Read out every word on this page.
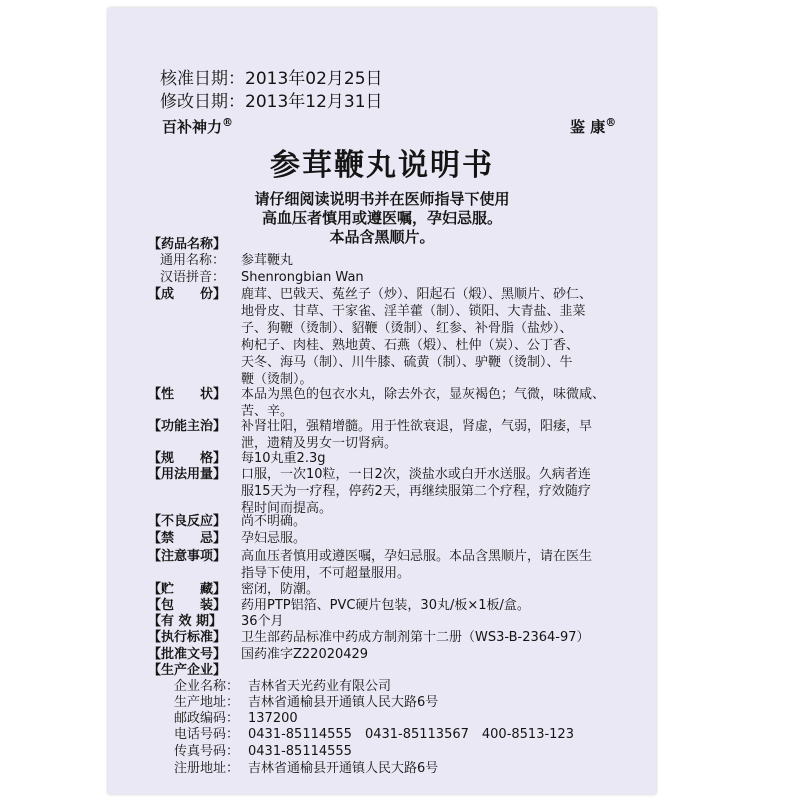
核准日期：2013年02月25日
修改日期：2013年12月31日
百补神力®	鉴 康®
参茸鞭丸说明书
请仔细阅读说明书并在医师指导下使用
高血压者慎用或遵医嘱，孕妇忌服。
本品含黑顺片。
【药品名称】
通用名称： 参茸鞭丸
汉语拼音： Shenrongbian Wan
【成　　份】 鹿茸、巴戟天、菟丝子（炒）、阳起石（煅）、黑顺片、砂仁、
地骨皮、甘草、干家雀、淫羊藿（制）、锁阳、大青盐、韭菜
子、狗鞭（烫制）、貂鞭（烫制）、红参、补骨脂（盐炒）、
枸杞子、肉桂、熟地黄、石燕（煅）、杜仲（炭）、公丁香、
天冬、海马（制）、川牛膝、硫黄（制）、驴鞭（烫制）、牛
鞭（烫制）。
【性　　状】 本品为黑色的包衣水丸，除去外衣，显灰褐色；气微，味微咸、
苦、辛。
【功能主治】 补肾壮阳，强精增髓。用于性欲衰退，肾虚，气弱，阳痿，早
泄，遗精及男女一切肾病。
【规　　格】 每10丸重2.3g
【用法用量】 口服，一次10粒，一日2次，淡盐水或白开水送服。久病者连
服15天为一疗程，停药2天，再继续服第二个疗程，疗效随疗
程时间而提高。
【不良反应】 尚不明确。
【禁　　忌】 孕妇忌服。
【注意事项】 高血压者慎用或遵医嘱，孕妇忌服。本品含黑顺片，请在医生
指导下使用，不可超量服用。
【贮　　藏】 密闭，防潮。
【包　　装】 药用PTP铝箔、PVC硬片包装，30丸/板×1板/盒。
【有 效 期】 36个月
【执行标准】 卫生部药品标准中药成方制剂第十二册（WS3-B-2364-97）
【批准文号】 国药准字Z22020429
【生产企业】
企业名称： 吉林省天光药业有限公司
生产地址： 吉林省通榆县开通镇人民大路6号
邮政编码： 137200
电话号码： 0431-85114555　0431-85113567　400-8513-123
传真号码： 0431-85114555
注册地址： 吉林省通榆县开通镇人民大路6号
